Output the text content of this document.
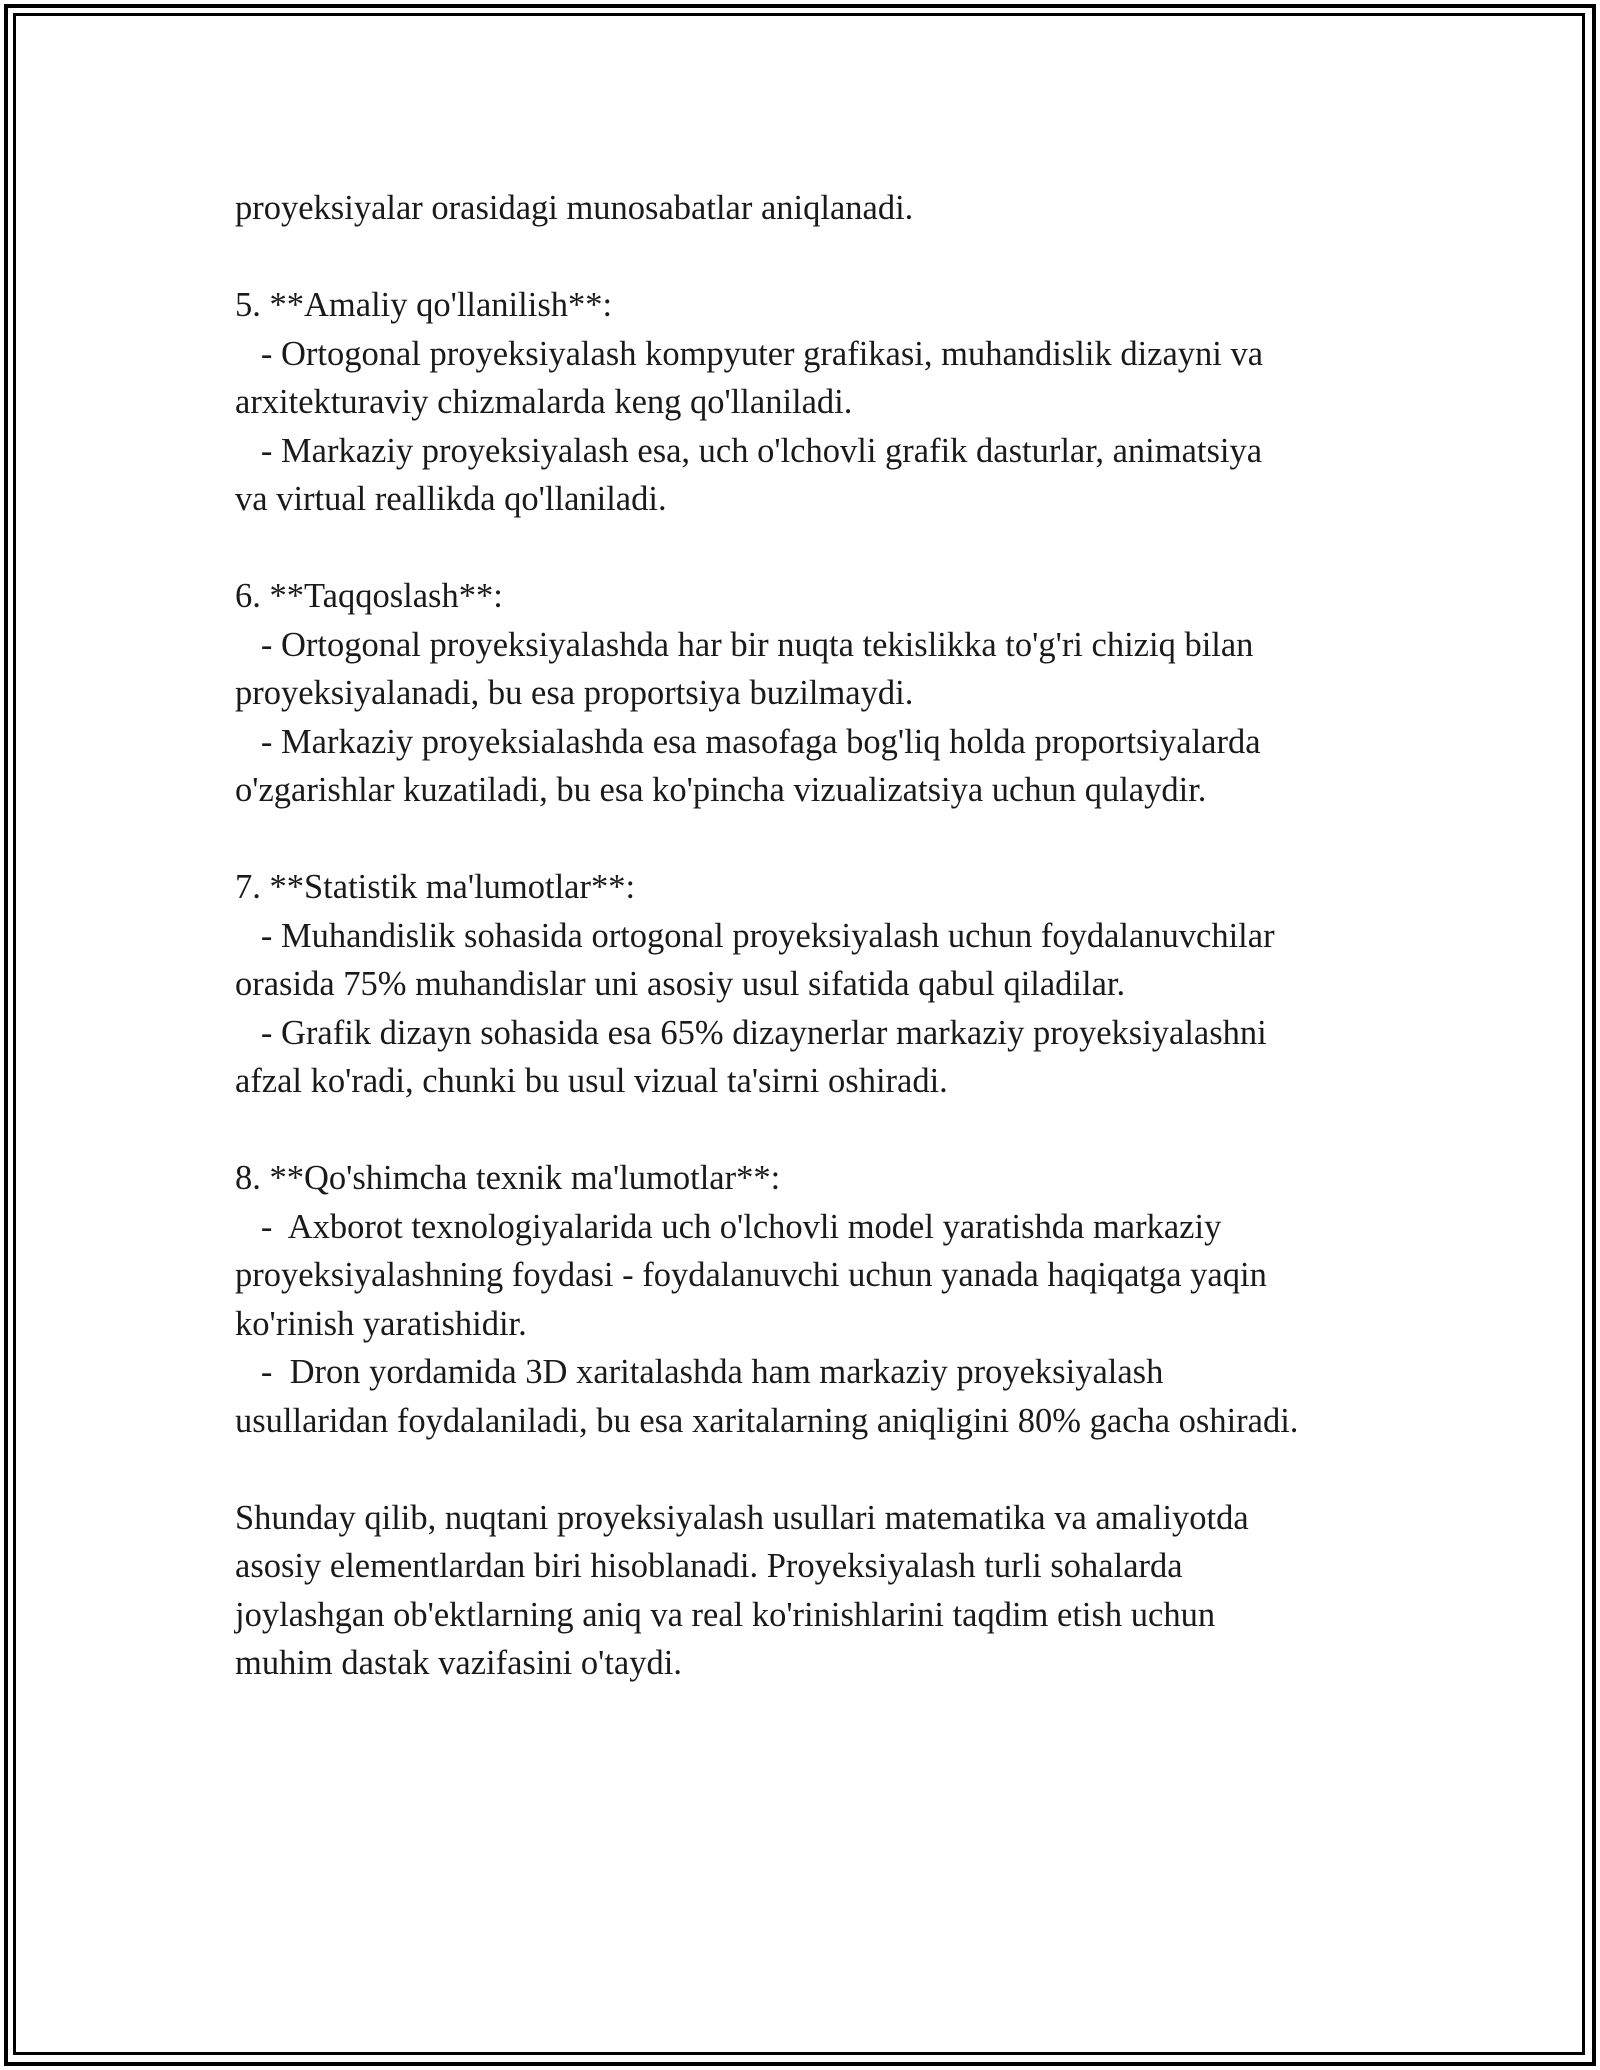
proyeksiyalar orasidagi munosabatlar aniqlanadi.
5. **Amaliy qo'llanilish**:
- Ortogonal proyeksiyalash kompyuter grafikasi, muhandislik dizayni va
arxitekturaviy chizmalarda keng qo'llaniladi.
- Markaziy proyeksiyalash esa, uch o'lchovli grafik dasturlar, animatsiya
va virtual reallikda qo'llaniladi.
6. **Taqqoslash**:
- Ortogonal proyeksiyalashda har bir nuqta tekislikka to'g'ri chiziq bilan
proyeksiyalanadi, bu esa proportsiya buzilmaydi.
- Markaziy proyeksialashda esa masofaga bog'liq holda proportsiyalarda
o'zgarishlar kuzatiladi, bu esa ko'pincha vizualizatsiya uchun qulaydir.
7. **Statistik ma'lumotlar**:
- Muhandislik sohasida ortogonal proyeksiyalash uchun foydalanuvchilar
orasida 75% muhandislar uni asosiy usul sifatida qabul qiladilar.
- Grafik dizayn sohasida esa 65% dizaynerlar markaziy proyeksiyalashni
afzal ko'radi, chunki bu usul vizual ta'sirni oshiradi.
8. **Qo'shimcha texnik ma'lumotlar**:
-  Axborot texnologiyalarida uch o'lchovli model yaratishda markaziy
proyeksiyalashning foydasi - foydalanuvchi uchun yanada haqiqatga yaqin
ko'rinish yaratishidir.
-  Dron yordamida 3D xaritalashda ham markaziy proyeksiyalash
usullaridan foydalaniladi, bu esa xaritalarning aniqligini 80% gacha oshiradi.
Shunday qilib, nuqtani proyeksiyalash usullari matematika va amaliyotda
asosiy elementlardan biri hisoblanadi. Proyeksiyalash turli sohalarda
joylashgan ob'ektlarning aniq va real ko'rinishlarini taqdim etish uchun
muhim dastak vazifasini o'taydi.
